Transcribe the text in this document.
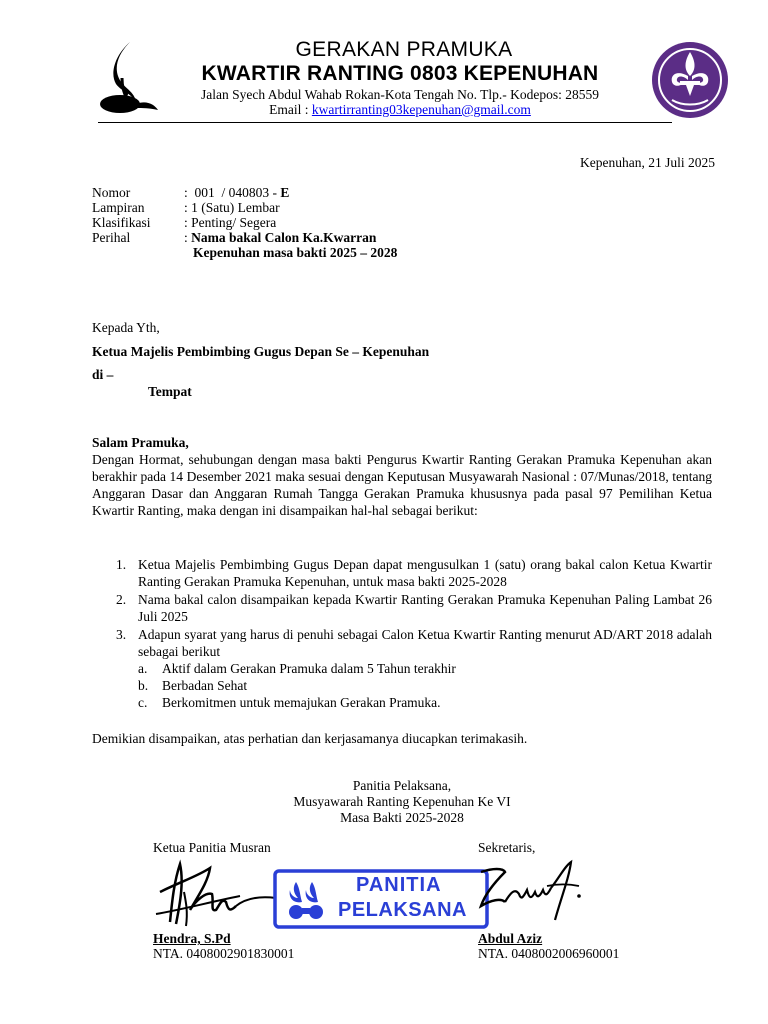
GERAKAN PRAMUKA
KWARTIR RANTING 0803 KEPENUHAN
Jalan Syech Abdul Wahab Rokan-Kota Tengah No. Tlp.- Kodepos: 28559
Email : kwartirranting03kepenuhan@gmail.com
Kepenuhan, 21 Juli 2025
Nomor	:  001  / 040803 - E
Lampiran	: 1 (Satu) Lembar
Klasifikasi : Penting/ Segera
Perihal	: Nama bakal Calon Ka.Kwarran
Kepenuhan masa bakti 2025 – 2028
Kepada Yth,
Ketua Majelis Pembimbing Gugus Depan Se – Kepenuhan
di –
Tempat
Salam Pramuka,
Dengan Hormat, sehubungan dengan masa bakti Pengurus Kwartir Ranting Gerakan Pramuka Kepenuhan akan berakhir pada 14 Desember 2021 maka sesuai dengan Keputusan Musyawarah Nasional : 07/Munas/2018, tentang Anggaran Dasar dan Anggaran Rumah Tangga Gerakan Pramuka khususnya pada pasal 97 Pemilihan Ketua Kwartir Ranting, maka dengan ini disampaikan hal-hal sebagai berikut:
1. Ketua Majelis Pembimbing Gugus Depan dapat mengusulkan 1 (satu) orang bakal calon Ketua Kwartir Ranting Gerakan Pramuka Kepenuhan, untuk masa bakti 2025-2028
2. Nama bakal calon disampaikan kepada Kwartir Ranting Gerakan Pramuka Kepenuhan Paling Lambat 26 Juli 2025
3. Adapun syarat yang harus di penuhi sebagai Calon Ketua Kwartir Ranting menurut AD/ART 2018 adalah sebagai berikut
a. Aktif dalam Gerakan Pramuka dalam 5 Tahun terakhir
b. Berbadan Sehat
c. Berkomitmen untuk memajukan Gerakan Pramuka.
Demikian disampaikan, atas perhatian dan kerjasamanya diucapkan terimakasih.
Panitia Pelaksana,
Musyawarah Ranting Kepenuhan Ke VI
Masa Bakti 2025-2028
Ketua Panitia Musran	Sekretaris,
PANITIA
PELAKSANA
Hendra, S.Pd
NTA. 0408002901830001
Abdul Aziz
NTA. 0408002006960001
